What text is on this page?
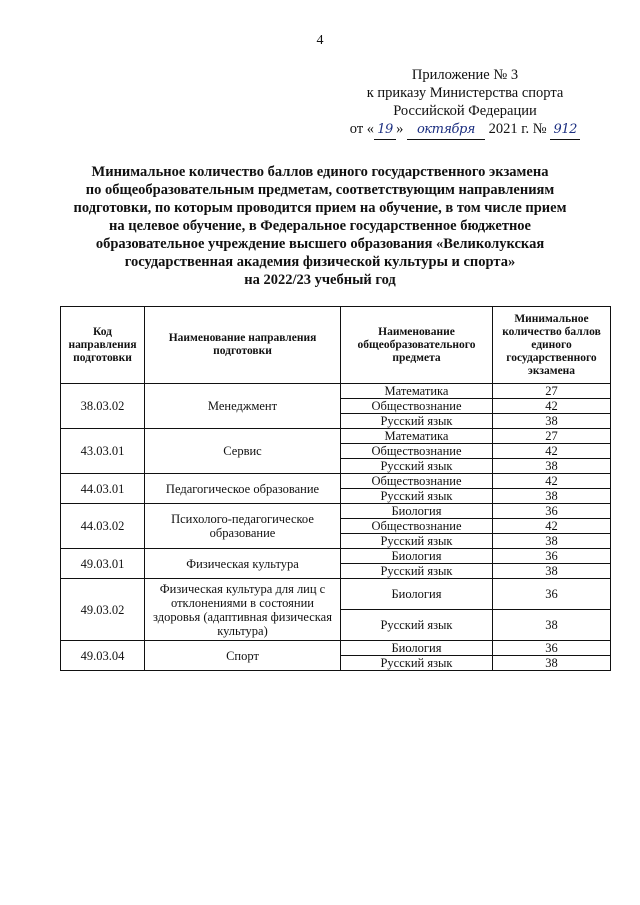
4
Приложение № 3
к приказу Министерства спорта
Российской Федерации
от « 19 » октября 2021 г. № 912
Минимальное количество баллов единого государственного экзамена
по общеобразовательным предметам, соответствующим направлениям
подготовки, по которым проводится прием на обучение, в том числе прием
на целевое обучение, в Федеральное государственное бюджетное
образовательное учреждение высшего образования «Великолукская
государственная академия физической культуры и спорта»
на 2022/23 учебный год
Код направления подготовки	Наименование направления подготовки	Наименование общеобразовательного предмета	Минимальное количество баллов единого государственного экзамена
38.03.02	Менеджмент	Математика	27
		Обществознание	42
		Русский язык	38
43.03.01	Сервис	Математика	27
		Обществознание	42
		Русский язык	38
44.03.01	Педагогическое образование	Обществознание	42
		Русский язык	38
44.03.02	Психолого-педагогическое образование	Биология	36
		Обществознание	42
		Русский язык	38
49.03.01	Физическая культура	Биология	36
		Русский язык	38
49.03.02	Физическая культура для лиц с отклонениями в состоянии здоровья (адаптивная физическая культура)	Биология	36
		Русский язык	38
49.03.04	Спорт	Биология	36
		Русский язык	38
